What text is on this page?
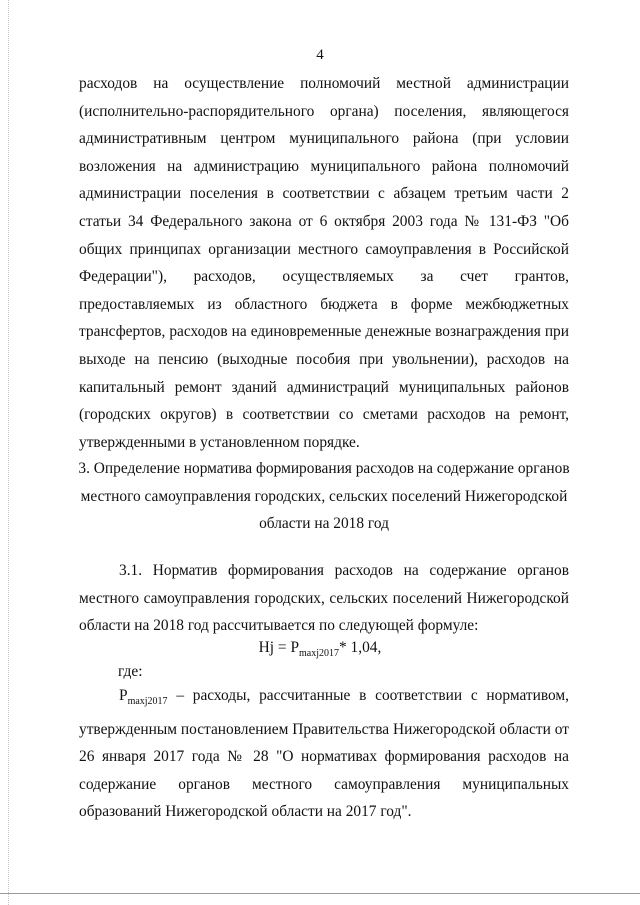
4

расходов на осуществление полномочий местной администрации (исполнительно-распорядительного органа) поселения, являющегося административным центром муниципального района (при условии возложения на администрацию муниципального района полномочий администрации поселения в соответствии с абзацем третьим части 2 статьи 34 Федерального закона от 6 октября 2003 года № 131-ФЗ "Об общих принципах организации местного самоуправления в Российской Федерации"), расходов, осуществляемых за счет грантов, предоставляемых из областного бюджета в форме межбюджетных трансфертов, расходов на единовременные денежные вознаграждения при выходе на пенсию (выходные пособия при увольнении), расходов на капитальный ремонт зданий администраций муниципальных районов (городских округов) в соответствии со сметами расходов на ремонт, утвержденными в установленном порядке.

3. Определение норматива формирования расходов на содержание органов местного самоуправления городских, сельских поселений Нижегородской области на 2018 год

3.1. Норматив формирования расходов на содержание органов местного самоуправления городских, сельских поселений Нижегородской области на 2018 год рассчитывается по следующей формуле:

$Hj = P_{maxj2017}*$ 1,04,

где:

$P_{maxj2017}$ – расходы, рассчитанные в соответствии с нормативом, утвержденным постановлением Правительства Нижегородской области от 26 января 2017 года № 28 "О нормативах формирования расходов на содержание органов местного самоуправления муниципальных образований Нижегородской области на 2017 год".
